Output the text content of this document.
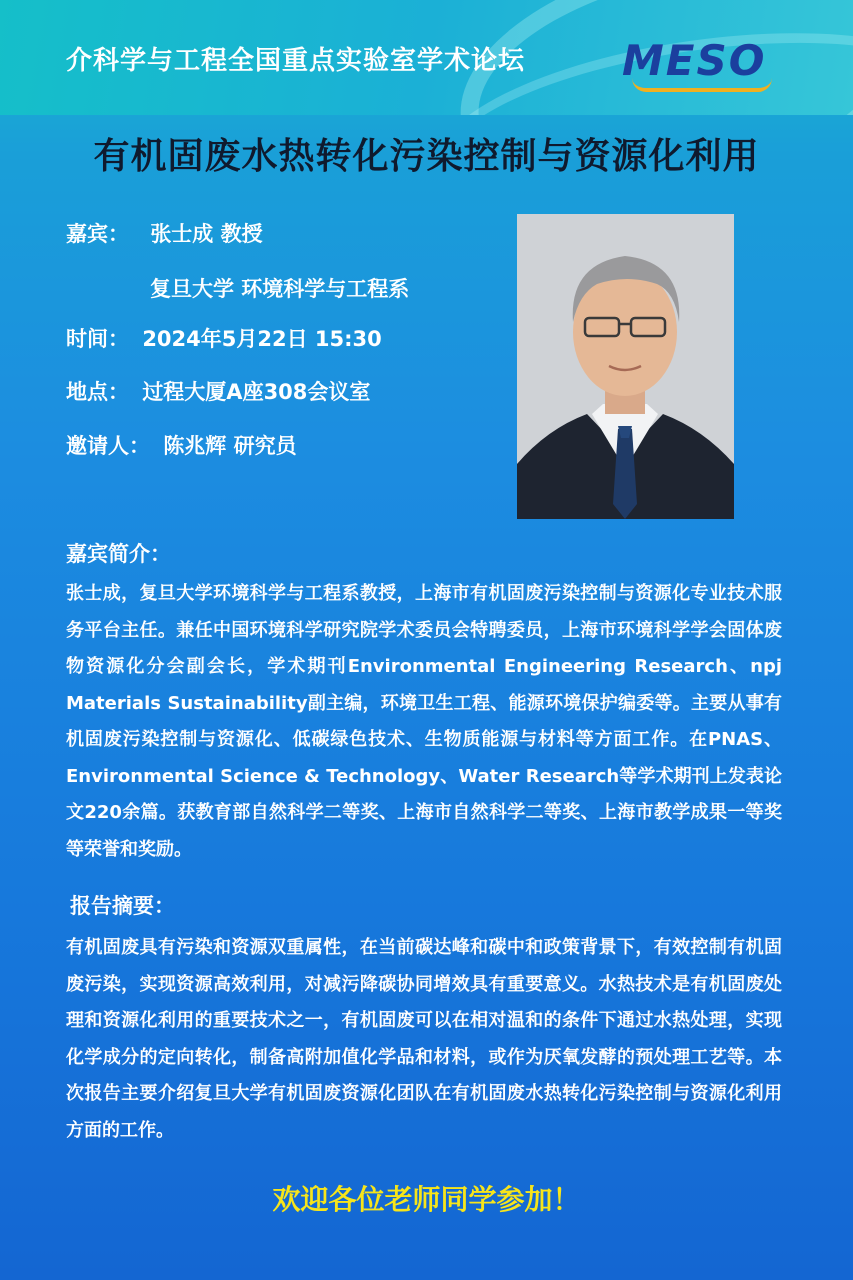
介科学与工程全国重点实验室学术论坛 MESO
有机固废水热转化污染控制与资源化利用
嘉宾： 张士成 教授
复旦大学 环境科学与工程系
时间： 2024年5月22日 15:30
地点： 过程大厦A座308会议室
邀请人： 陈兆辉 研究员
嘉宾简介：

张士成，复旦大学环境科学与工程系教授，上海市有机固废污染控制与资源化专业技术服务平台主任。兼任中国环境科学研究院学术委员会特聘委员，上海市环境科学学会固体废物资源化分会副会长，学术期刊Environmental Engineering Research、npj Materials Sustainability副主编，环境卫生工程、能源环境保护编委等。主要从事有机固废污染控制与资源化、低碳绿色技术、生物质能源与材料等方面工作。在PNAS、Environmental Science & Technology、Water Research等学术期刊上发表论文220余篇。获教育部自然科学二等奖、上海市自然科学二等奖、上海市教学成果一等奖等荣誉和奖励。

报告摘要：

有机固废具有污染和资源双重属性，在当前碳达峰和碳中和政策背景下，有效控制有机固废污染，实现资源高效利用，对减污降碳协同增效具有重要意义。水热技术是有机固废处理和资源化利用的重要技术之一，有机固废可以在相对温和的条件下通过水热处理，实现化学成分的定向转化，制备高附加值化学品和材料，或作为厌氧发酵的预处理工艺等。本次报告主要介绍复旦大学有机固废资源化团队在有机固废水热转化污染控制与资源化利用方面的工作。

欢迎各位老师同学参加！
